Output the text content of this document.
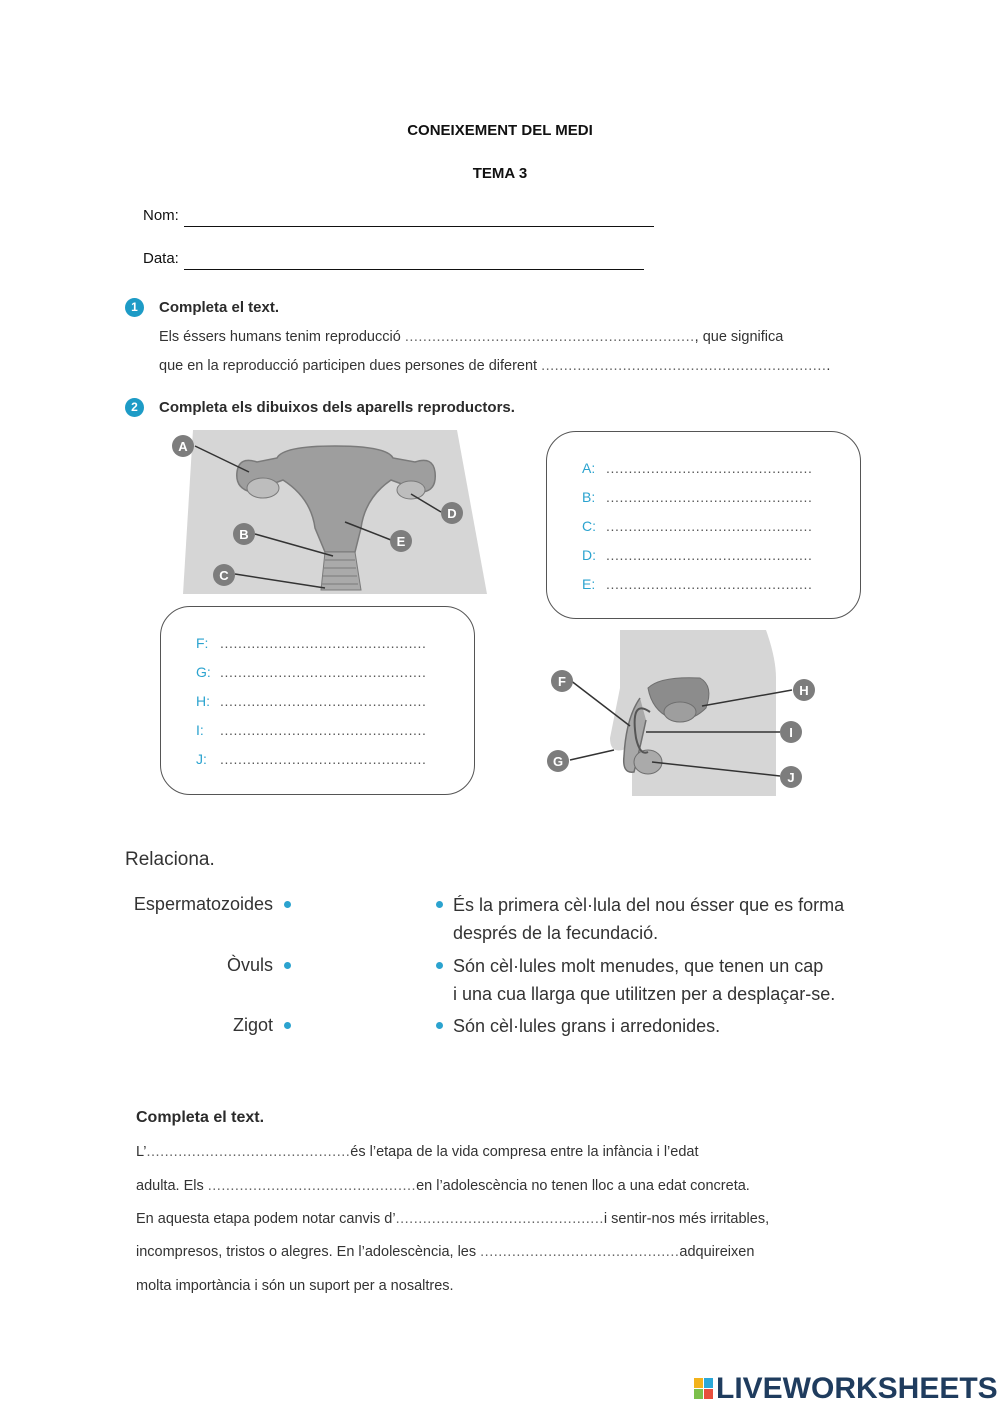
CONEIXEMENT DEL MEDI
TEMA 3
Nom:
Data:
1	Completa el text.
Els éssers humans tenim reproducció ................................................................, que significa
que en la reproducció participen dues persones de diferent ................................................................
2	Completa els dibuixos dels aparells reproductors.
A
B
C
D
E
A: ..............................................
B: ..............................................
C: ..............................................
D: ..............................................
E: ..............................................
F: ..............................................
G: ..............................................
H: ..............................................
I: ..............................................
J: ..............................................
F
G
H
I
J
Relaciona.
Espermatozoides
Òvuls
Zigot
És la primera cèl·lula del nou ésser que es forma
després de la fecundació.
Són cèl·lules molt menudes, que tenen un cap
i una cua llarga que utilitzen per a desplaçar-se.
Són cèl·lules grans i arredonides.
Completa el text.
L’.............................................és l’etapa de la vida compresa entre la infància i l’edat
adulta. Els ..............................................en l’adolescència no tenen lloc a una edat concreta.
En aquesta etapa podem notar canvis d’..............................................i sentir-nos més irritables,
incompresos, tristos o alegres. En l’adolescència, les ............................................adquireixen
molta importància i són un suport per a nosaltres.
LIVEWORKSHEETS
